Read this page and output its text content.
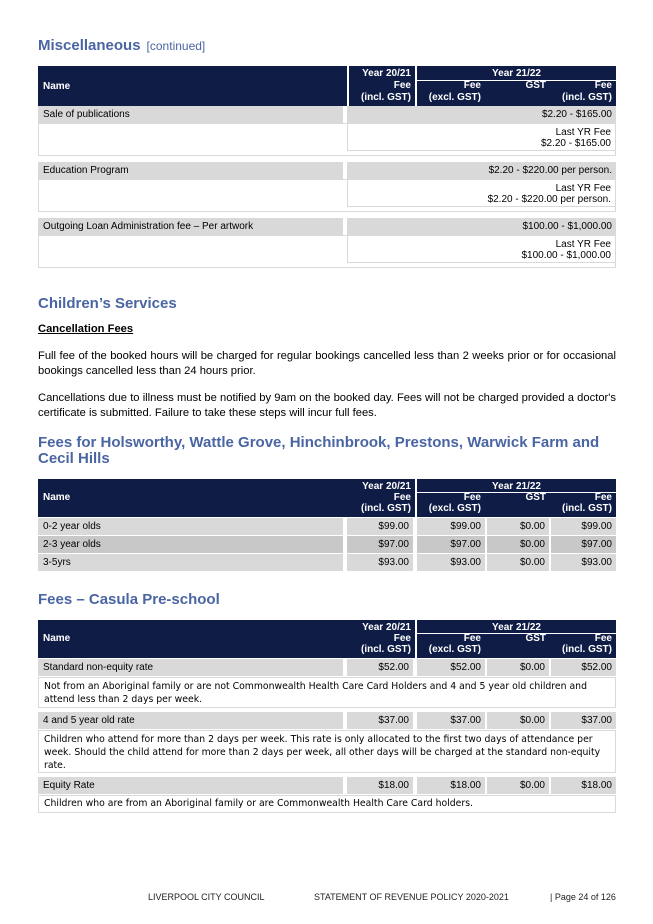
Miscellaneous [continued]
Name
Year 20/21
Fee
(incl. GST)
Year 21/22
Fee
(excl. GST)
GST	Fee
(incl. GST)
Sale of publications	$2.20 - $165.00
Last YR Fee
$2.20 - $165.00
Education Program	$2.20 - $220.00 per person.
Last YR Fee
$2.20 - $220.00 per person.
Outgoing Loan Administration fee – Per artwork	$100.00 - $1,000.00
Last YR Fee
$100.00 - $1,000.00
Children’s Services
Cancellation Fees

Full fee of the booked hours will be charged for regular bookings cancelled less than 2 weeks prior or for occasional bookings cancelled less than 24 hours prior.

Cancellations due to illness must be notified by 9am on the booked day. Fees will not be charged provided a doctor's certificate is submitted. Failure to take these steps will incur full fees.

Fees for Holsworthy, Wattle Grove, Hinchinbrook, Prestons, Warwick Farm and Cecil Hills
Name
Year 20/21
Fee
(incl. GST)
Year 21/22
Fee
(excl. GST)
GST	Fee
(incl. GST)
0-2 year olds	$99.00	$99.00	$0.00	$99.00
2-3 year olds	$97.00	$97.00	$0.00	$97.00
3-5yrs	$93.00	$93.00	$0.00	$93.00
Fees – Casula Pre-school
Name
Year 20/21
Fee
(incl. GST)
Year 21/22
Fee
(excl. GST)
GST	Fee
(incl. GST)
Standard non-equity rate	$52.00	$52.00	$0.00	$52.00
Not from an Aboriginal family or are not Commonwealth Health Care Card Holders and 4 and 5 year old children and attend less than 2 days per week.
4 and 5 year old rate	$37.00	$37.00	$0.00	$37.00
Children who attend for more than 2 days per week. This rate is only allocated to the first two days of attendance per week. Should the child attend for more than 2 days per week, all other days will be charged at the standard non-equity rate.
Equity Rate	$18.00	$18.00	$0.00	$18.00
Children who are from an Aboriginal family or are Commonwealth Health Care Card holders.
LIVERPOOL CITY COUNCIL	STATEMENT OF REVENUE POLICY 2020-2021	| Page 24 of 126
